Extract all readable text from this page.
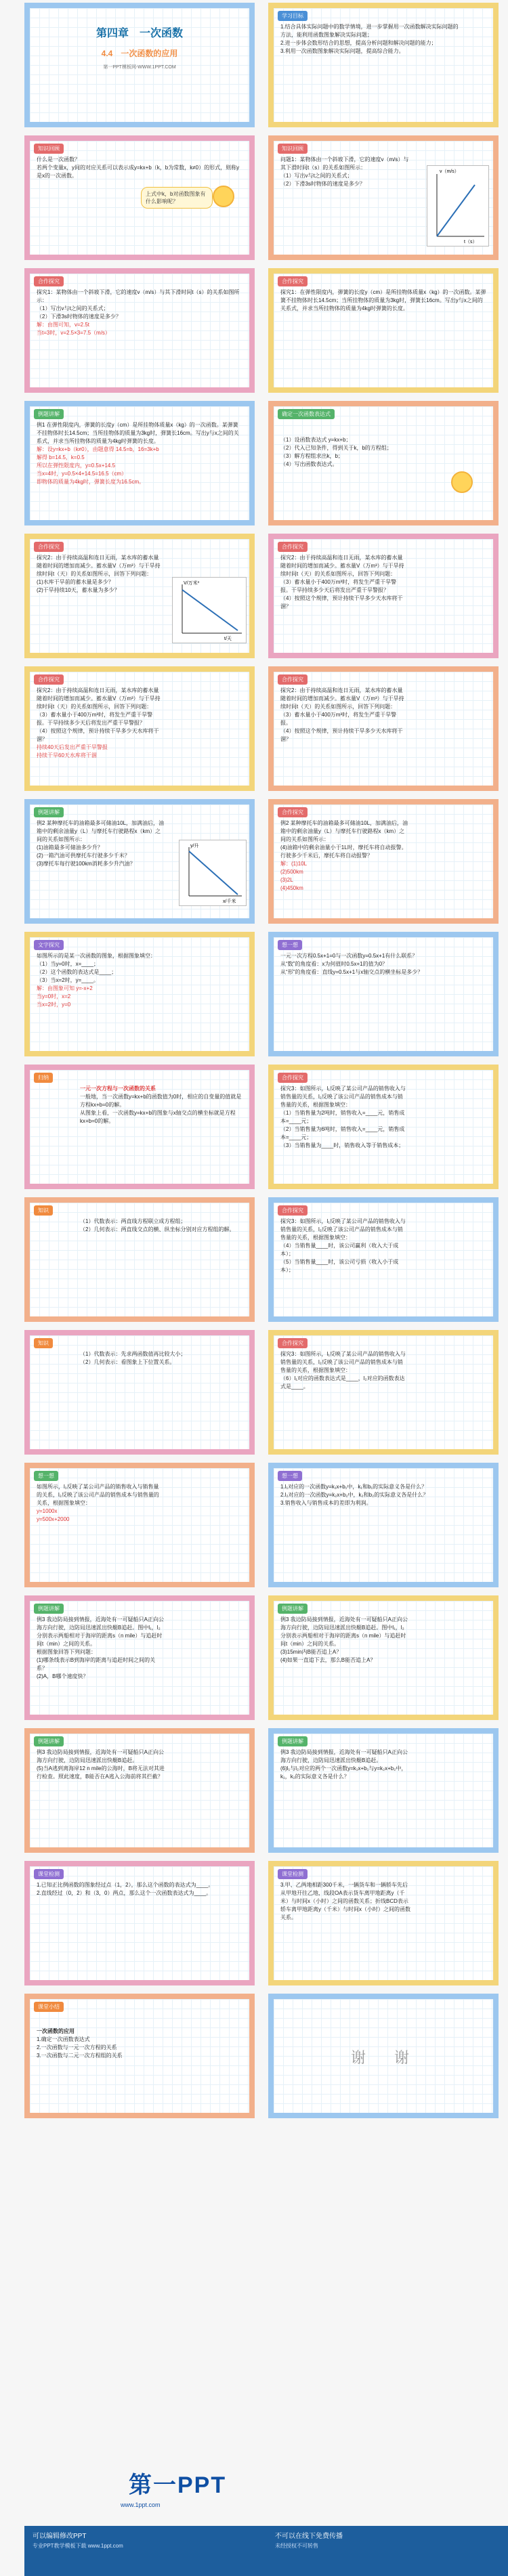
第四章　一次函数
4.4　一次函数的应用
第一PPT模板网-WWW.1PPT.COM
学习目标
1.结合具体实际问题中的数学情境，进一步掌握用一次函数解决实际问题的
方法，能利用函数图象解决实际问题；
2.进一步体会数形结合的思想，提高分析问题和解决问题的能力；
3.利用一次函数图象解决实际问题，提高综合能力。
知识回顾
什么是一次函数？
若两个变量x，y间的对应关系可以表示成y=kx+b（k，b为常数，k≠0）的形式，则称y是x的一次函数。
上式中k，b对函数图象有什么影响呢？
知识回顾
问题1：某物体由一个斜坡下滑，它的速度v（m/s）与其下滑时间t（s）的关系如图所示：
（1）写出v与t之间的关系式；
（2）下滑3s时物体的速度是多少？
v（m/s）
t（s）
合作探究
探究1：某物体由一个斜坡下滑，它的速度v（m/s）与其下滑时间t（s）的关系如图所示：
（1）写出v与t之间的关系式；
（2）下滑3s时物体的速度是多少？
解：由图可知，v=2.5t
当t=3时，v=2.5×3=7.5（m/s）
合作探究
探究1：在弹性限度内，弹簧的长度y（cm）是所挂物体质量x（kg）的一次函数。某弹簧不挂物体时长14.5cm；当所挂物体的质量为3kg时，弹簧长16cm。写出y与x之间的关系式，并求当所挂物体的质量为4kg时弹簧的长度。
例题讲解
例1 在弹性限度内，弹簧的长度y（cm）是所挂物体质量x（kg）的一次函数。某弹簧不挂物体时长14.5cm；当所挂物体的质量为3kg时，弹簧长16cm。写出y与x之间的关系式，并求当所挂物体的质量为4kg时弹簧的长度。
解：设y=kx+b（k≠0），由题意得 14.5=b，16=3k+b
解得 b=14.5，k=0.5
所以在弹性限度内，y=0.5x+14.5
当x=4时，y=0.5×4+14.5=16.5（cm）
即物体的质量为4kg时，弹簧长度为16.5cm。
确定一次函数表达式
（1）设函数表达式 y=kx+b；
（2）代入已知条件，得到关于k，b的方程组；
（3）解方程组求出k，b；
（4）写出函数表达式。
合作探究
探究2：由于持续高温和连日无雨，某水库的蓄水量随着时间的增加而减少。蓄水量V（万m³）与干旱持续时间t（天）的关系如图所示，回答下列问题：
(1)水库干旱前的蓄水量是多少？
(2)干旱持续10天，蓄水量为多少？
V/万米³
t/天
合作探究
探究2：由于持续高温和连日无雨，某水库的蓄水量随着时间的增加而减少。蓄水量V（万m³）与干旱持续时间t（天）的关系如图所示，回答下列问题：
（3）蓄水量小于400万m³时，将发生严重干旱警报。干旱持续多少天后将发出严重干旱警报？
（4）按照这个规律，预计持续干旱多少天水库将干涸？
合作探究
探究2：由于持续高温和连日无雨，某水库的蓄水量随着时间的增加而减少。蓄水量V（万m³）与干旱持续时间t（天）的关系如图所示，回答下列问题：
（3）蓄水量小于400万m³时，将发生严重干旱警报。干旱持续多少天后将发出严重干旱警报？
（4）按照这个规律，预计持续干旱多少天水库将干涸？
持续40天后发出严重干旱警报
持续干旱60天水库将干涸
合作探究
探究2：由于持续高温和连日无雨，某水库的蓄水量随着时间的增加而减少。蓄水量V（万m³）与干旱持续时间t（天）的关系如图所示，回答下列问题：
（3）蓄水量小于400万m³时，将发生严重干旱警报。
（4）按照这个规律，预计持续干旱多少天水库将干涸？
例题讲解
例2 某种摩托车的油箱最多可储油10L，加满油后，油箱中的剩余油量y（L）与摩托车行驶路程x（km）之间的关系如图所示：
(1)油箱最多可储油多少升？
(2)一箱汽油可供摩托车行驶多少千米？
(3)摩托车每行驶100km消耗多少升汽油？
y/升
x/千米
合作探究
例2 某种摩托车的油箱最多可储油10L，加满油后，油箱中的剩余油量y（L）与摩托车行驶路程x（km）之间的关系如图所示：
(4)油箱中的剩余油量小于1L时，摩托车将自动报警。行驶多少千米后，摩托车将自动报警？
解：(1)10L
(2)500km
(3)2L
(4)450km
文字探究
如图所示的是某一次函数的图象，根据图象填空：
（1）当y=0时，x=____；
（2）这个函数的表达式是____；
（3）当x=2时，y=____。
解：由图象可知 y=-x+2
当y=0时，x=2
当x=2时，y=0
想一想
一元一次方程0.5x+1=0与一次函数y=0.5x+1有什么联系？
从“数”的角度看：x为何值时0.5x+1的值为0？
从“形”的角度看：直线y=0.5x+1与x轴交点的横坐标是多少？
归纳
一元一次方程与一次函数的关系
一般地，当一次函数y=kx+b的函数值为0时，相应的自变量的值就是方程kx+b=0的解。
从图象上看，一次函数y=kx+b的图象与x轴交点的横坐标就是方程kx+b=0的解。
合作探究
探究3：如图所示，l₁反映了某公司产品的销售收入与销售量的关系，l₂反映了该公司产品的销售成本与销售量的关系，根据图象填空：
（1）当销售量为2吨时，销售收入=____元，销售成本=____元；
（2）当销售量为6吨时，销售收入=____元，销售成本=____元；
（3）当销售量为____时，销售收入等于销售成本；
知识
（1）代数表示：两直线方程联立成方程组；
（2）几何表示：两直线交点的横、纵坐标分别对应方程组的解。
合作探究
探究3：如图所示，l₁反映了某公司产品的销售收入与销售量的关系，l₂反映了该公司产品的销售成本与销售量的关系，根据图象填空：
（4）当销售量____时，该公司赢利（收入大于成本）；
（5）当销售量____时，该公司亏损（收入小于成本）；
知识
（1）代数表示：先求两函数值再比较大小；
（2）几何表示：看图象上下位置关系。
合作探究
探究3：如图所示，l₁反映了某公司产品的销售收入与销售量的关系，l₂反映了该公司产品的销售成本与销售量的关系，根据图象填空：
（6）l₁对应的函数表达式是____，l₂对应的函数表达式是____。
想一想
如图所示，l₁反映了某公司产品的销售收入与销售量的关系，l₂反映了该公司产品的销售成本与销售量的关系，根据图象填空：
y=1000x
y=500x+2000
想一想
1.l₁对应的一次函数y=k₁x+b₁中，k₁和b₁的实际意义各是什么？
2.l₂对应的一次函数y=k₂x+b₂中，k₂和b₂的实际意义各是什么？
3.销售收入与销售成本的差即为利润。
例题讲解
例3 我边防局接到情报，近海处有一可疑船只A正向公海方向行驶，边防局迅速派出快艇B追赶。图中l₁，l₂分别表示两船相对于海岸的距离s（n mile）与追赶时间t（min）之间的关系。
根据图象回答下列问题：
(1)哪条线表示B到海岸的距离与追赶时间之间的关系？
(2)A，B哪个速度快？
例题讲解
例3 我边防局接到情报，近海处有一可疑船只A正向公海方向行驶，边防局迅速派出快艇B追赶。图中l₁，l₂分别表示两船相对于海岸的距离s（n mile）与追赶时间t（min）之间的关系。
(3)15min内B能否追上A？
(4)如果一直追下去，那么B能否追上A？
例题讲解
例3 我边防局接到情报，近海处有一可疑船只A正向公海方向行驶，边防局迅速派出快艇B追赶。
(5)当A逃到离海岸12 n mile的公海时，B将无法对其进行检查。照此速度，B能否在A逃入公海前将其拦截？
例题讲解
例3 我边防局接到情报，近海处有一可疑船只A正向公海方向行驶，边防局迅速派出快艇B追赶。
(6)l₁与l₂对应的两个一次函数y=k₁x+b₁与y=k₂x+b₂中，k₁，k₂的实际意义各是什么？
课堂检测
1.已知正比例函数的图象经过点（1，2），那么这个函数的表达式为____。
2.直线经过（0，2）和（3，0）两点，那么这个一次函数表达式为____。
课堂检测
3.甲、乙两地相距300千米，一辆货车和一辆轿车先后从甲地开往乙地，线段OA表示货车离甲地距离y（千米）与时间x（小时）之间的函数关系；折线BCD表示轿车离甲地距离y（千米）与时间x（小时）之间的函数关系。
课堂小结
一次函数的应用
1.确定一次函数表达式
2.一次函数与一元一次方程的关系
3.一次函数与二元一次方程组的关系	谢　谢
第一PPT
www.1ppt.com
可以编辑修改PPT	不可以在线下免费传播
专业PPT教学模板下载 www.1ppt.com	未经授权不可转售
